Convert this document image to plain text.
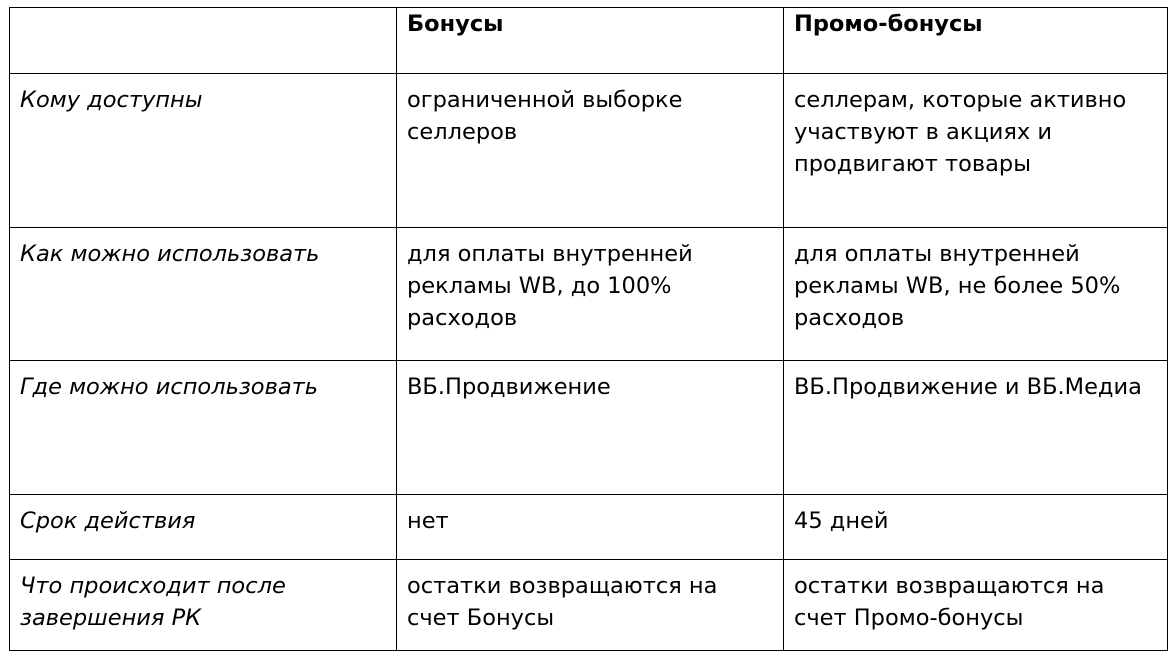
	Бонусы	Промо-бонусы
Кому доступны	ограниченной выборке селлеров	селлерам, которые активно участвуют в акциях и продвигают товары
Как можно использовать	для оплаты внутренней рекламы WB, до 100% расходов	для оплаты внутренней рекламы WB, не более 50% расходов
Где можно использовать	ВБ.Продвижение	ВБ.Продвижение и ВБ.Медиа

Срок действия	нет	45 дней
Что происходит после завершения РК	остатки возвращаются на счет Бонусы	остатки возвращаются на счет Промо-бонусы
